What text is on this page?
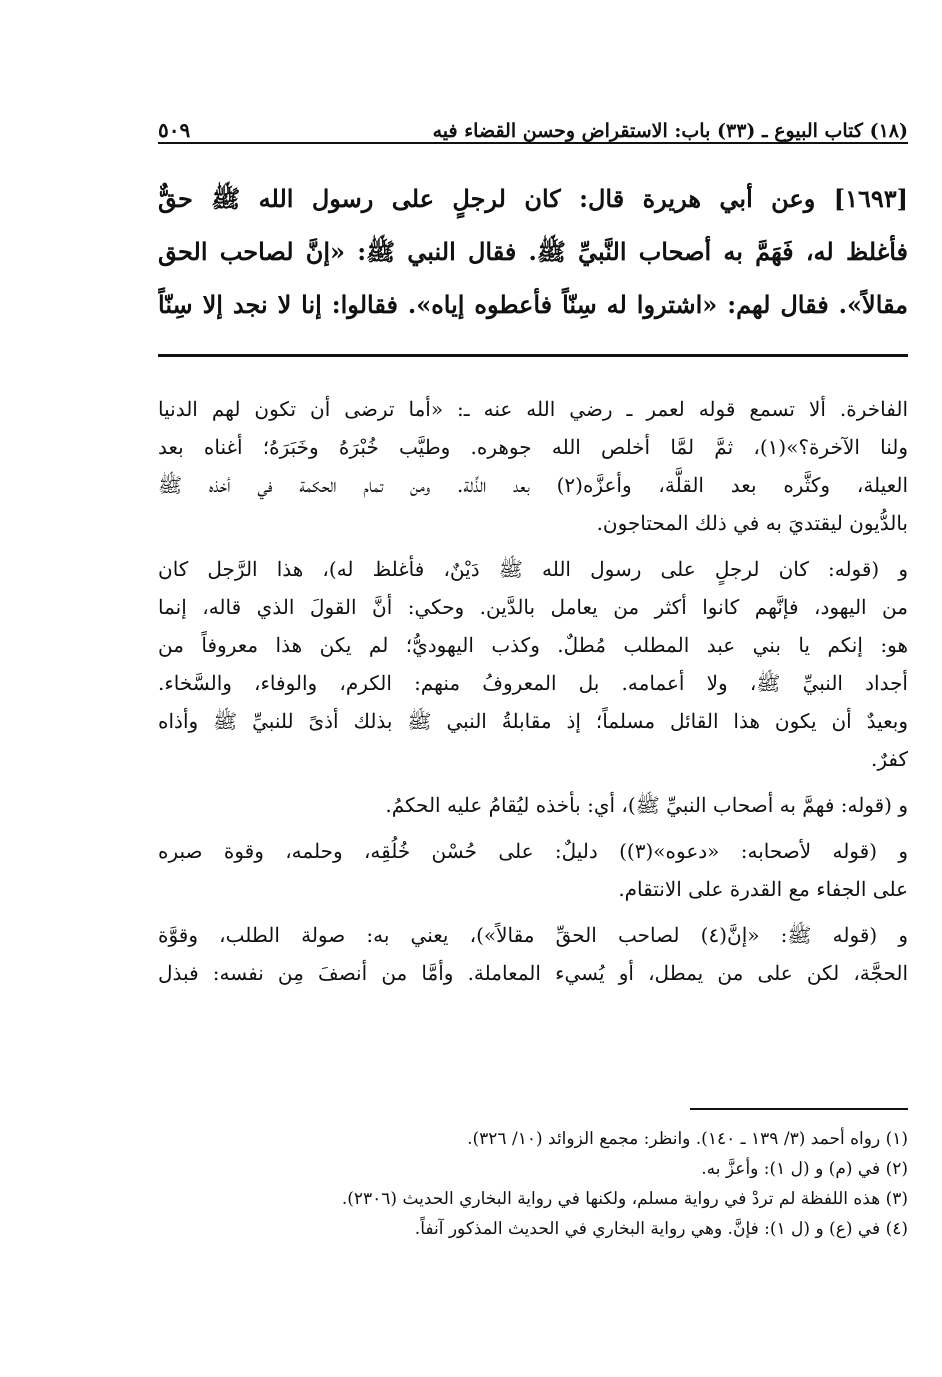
(١٨) كتاب البيوع ـ (٣٣) باب: الاستقراض وحسن القضاء فيه
٥٠٩
[١٦٩٣] وعن أبي هريرة قال: كان لرجلٍ على رسول الله ﷺ حقٌّ
فأغلظ له، فَهَمَّ به أصحاب النَّبيِّ ﷺ. فقال النبي ﷺ: «إنَّ لصاحب الحق
مقالاً». فقال لهم: «اشتروا له سِنّاً فأعطوه إياه». فقالوا: إنا لا نجد إلا سِنّاً
الفاخرة. ألا تسمع قوله لعمر ـ رضي الله عنه ـ: «أما ترضى أن تكون لهم الدنيا
ولنا الآخرة؟»(١)، ثمَّ لمَّا أخلص الله جوهره. وطيَّب خُبْرَهُ وخَبَرَهُ؛ أغناه بعد
العيلة، وكثَّره بعد القلَّة، وأعزَّه(٢) بعد الذِّلة. ومن تمام الحكمة في أخذه ﷺ
بالدُّيون ليقتديَ به في ذلك المحتاجون.
و (قوله: كان لرجلٍ على رسول الله ﷺ دَيْنٌ، فأغلظ له)، هذا الرَّجل كان
من اليهود، فإنَّهم كانوا أكثر من يعامل بالدَّين. وحكي: أنَّ القولَ الذي قاله، إنما
هو: إنكم يا بني عبد المطلب مُطلٌ. وكذب اليهوديُّ؛ لم يكن هذا معروفاً من
أجداد النبيِّ ﷺ، ولا أعمامه. بل المعروفُ منهم: الكرم، والوفاء، والسَّخاء.
وبعيدٌ أن يكون هذا القائل مسلماً؛ إذ مقابلةُ النبي ﷺ بذلك أذىً للنبيِّ ﷺ وأذاه
كفرٌ.
و (قوله: فهمَّ به أصحاب النبيِّ ﷺ)، أي: بأخذه ليُقامُ عليه الحكمُ.
و (قوله لأصحابه: «دعوه»(٣)) دليلٌ: على حُسْن خُلُقِه، وحلمه، وقوة صبره
على الجفاء مع القدرة على الانتقام.
و (قوله ﷺ: «إنَّ(٤) لصاحب الحقِّ مقالاً»)، يعني به: صولة الطلب، وقوَّة
الحجَّة، لكن على من يمطل، أو يُسيء المعاملة. وأمَّا من أنصفَ مِن نفسه: فبذل
(١) رواه أحمد (٣/ ١٣٩ ـ ١٤٠). وانظر: مجمع الزوائد (١٠/ ٣٢٦).
(٢) في (م) و (ل ١): وأعزَّ به.
(٣) هذه اللفظة لم تردْ في رواية مسلم، ولكنها في رواية البخاري الحديث (٢٣٠٦).
(٤) في (ع) و (ل ١): فإنَّ. وهي رواية البخاري في الحديث المذكور آنفاً.
